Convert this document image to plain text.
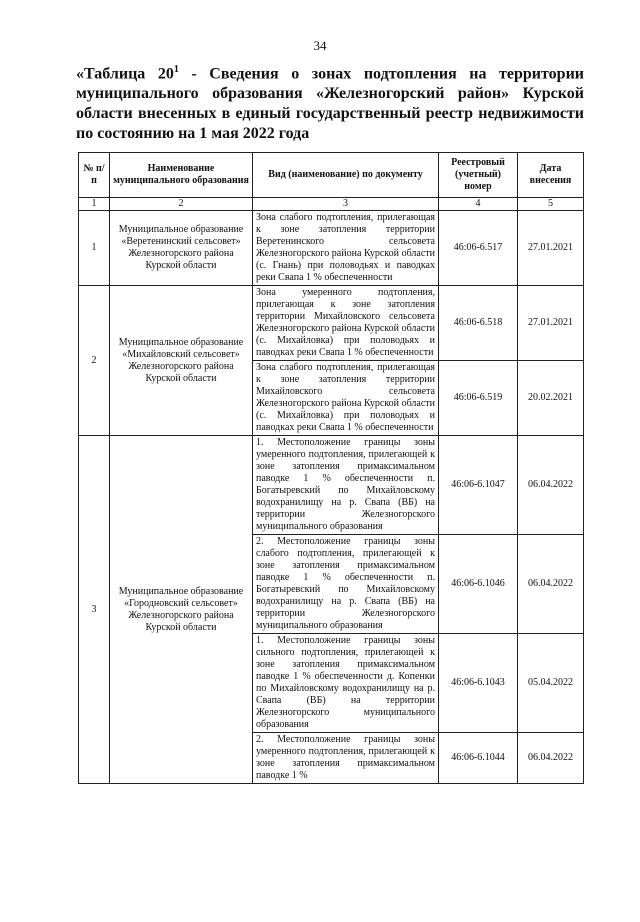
34
«Таблица $20^1$ - Сведения о зонах подтопления на территории муниципального образования «Железногорский район» Курской области внесенных в единый государственный реестр недвижимости по состоянию на 1 мая 2022 года
№ п/п	Наименование муниципального образования	Вид (наименование) по документу	Реестровый (учетный) номер	Дата внесения
1	2	3	4	5
1	Муниципальное образование «Веретенинский сельсовет» Железногорского района Курской области	Зона слабого подтопления, прилегающая к зоне затопления территории Веретенинского сельсовета Железногорского района Курской области (с. Гнань) при половодьях и паводках реки Свапа 1 % обеспеченности	46:06-6.517	27.01.2021
2	Муниципальное образование «Михайловский сельсовет» Железногорского района Курской области	Зона умеренного подтопления, прилегающая к зоне затопления территории Михайловского сельсовета Железногорского района Курской области (с. Михайловка) при половодьях и паводках реки Свапа 1 % обеспеченности	46:06-6.518	27.01.2021
		Зона слабого подтопления, прилегающая к зоне затопления территории Михайловского сельсовета Железногорского района Курской области (с. Михайловка) при половодьях и паводках реки Свапа 1 % обеспеченности	46:06-6.519	20.02.2021
3	Муниципальное образование «Городновский сельсовет» Железногорского района Курской области	1. Местоположение границы зоны умеренного подтопления, прилегающей к зоне затопления примаксимальном паводке 1 % обеспеченности п. Богатыревский по Михайловскому водохранилищу на р. Свапа (ВБ) на территории Железногорского муниципального образования	46:06-6.1047	06.04.2022
		2. Местоположение границы зоны слабого подтопления, прилегающей к зоне затопления примаксимальном паводке 1 % обеспеченности п. Богатыревский по Михайловскому водохранилищу на р. Свапа (ВБ) на территории Железногорского муниципального образования	46:06-6.1046	06.04.2022
		1. Местоположение границы зоны сильного подтопления, прилегающей к зоне затопления примаксимальном паводке 1 % обеспеченности д. Копенки по Михайловскому водохранилищу на р. Свапа (ВБ) на территории Железногорского муниципального образования	46:06-6.1043	05.04.2022
		2. Местоположение границы зоны умеренного подтопления, прилегающей к зоне затопления примаксимальном паводке 1 %	46:06-6.1044	06.04.2022
